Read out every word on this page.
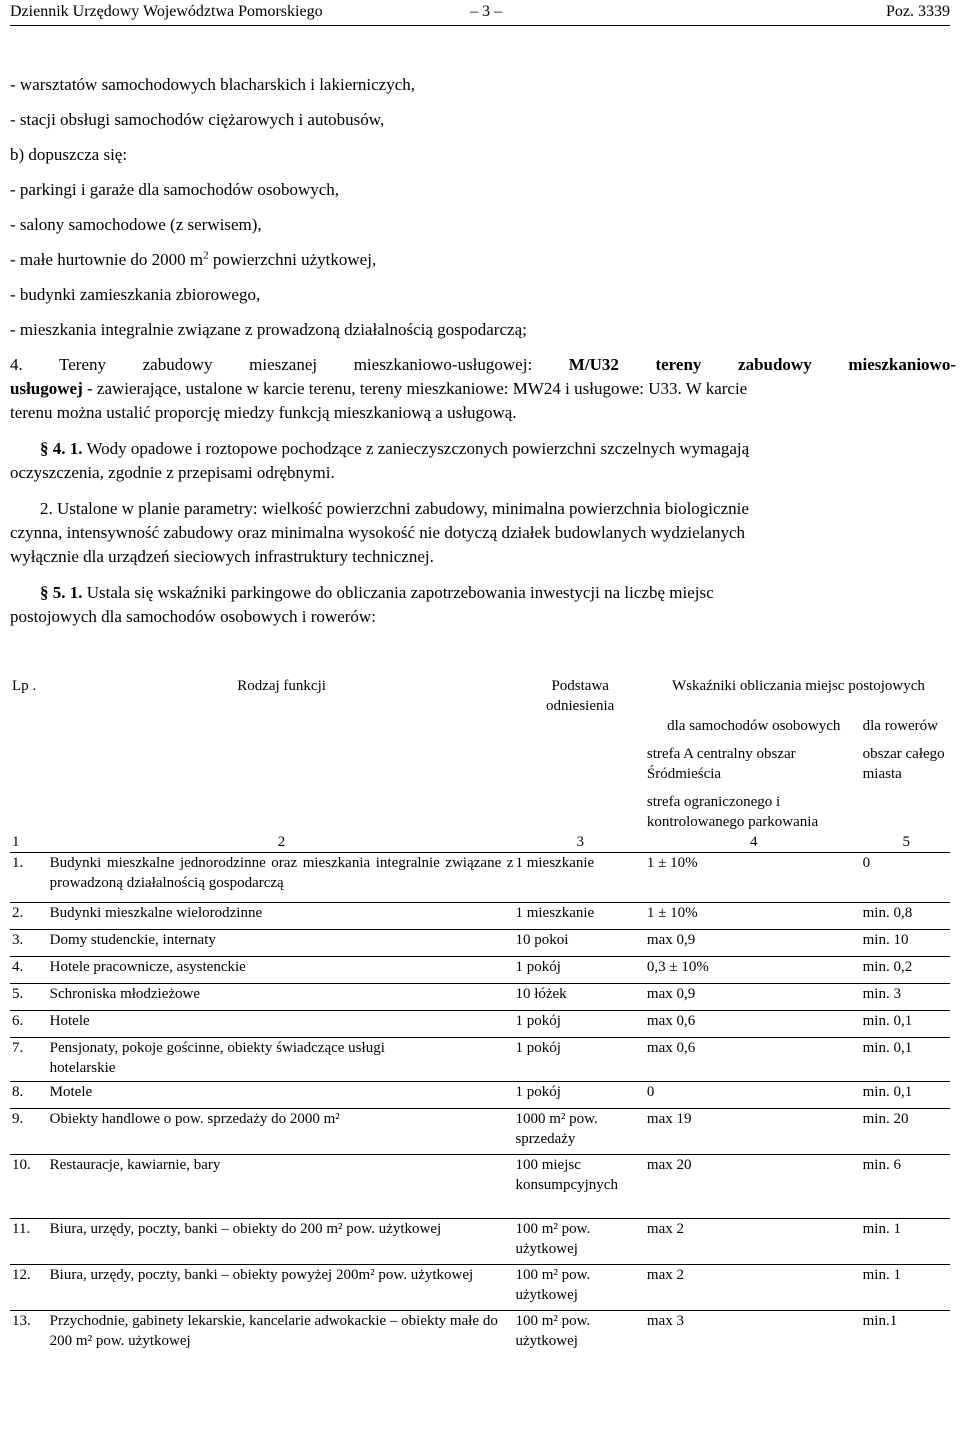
Dziennik Urzędowy Województwa Pomorskiego	– 3 –	Poz. 3339
- warsztatów samochodowych blacharskich i lakierniczych,
- stacji obsługi samochodów ciężarowych i autobusów,
b) dopuszcza się:
- parkingi i garaże dla samochodów osobowych,
- salony samochodowe (z serwisem),
- małe hurtownie do 2000 $m^2$ powierzchni użytkowej,
- budynki zamieszkania zbiorowego,
- mieszkania integralnie związane z prowadzoną działalnością gospodarczą;
4. Tereny zabudowy mieszanej mieszkaniowo-usługowej: M/U32 tereny zabudowy mieszkaniowo-
usługowej - zawierające, ustalone w karcie terenu, tereny mieszkaniowe: MW24 i usługowe: U33. W karcie
terenu można ustalić proporcję miedzy funkcją mieszkaniową a usługową.
§ 4. 1. Wody opadowe i roztopowe pochodzące z zanieczyszczonych powierzchni szczelnych wymagają
oczyszczenia, zgodnie z przepisami odrębnymi.
2. Ustalone w planie parametry: wielkość powierzchni zabudowy, minimalna powierzchnia biologicznie
czynna, intensywność zabudowy oraz minimalna wysokość nie dotyczą działek budowlanych wydzielanych
wyłącznie dla urządzeń sieciowych infrastruktury technicznej.
§ 5. 1. Ustala się wskaźniki parkingowe do obliczania zapotrzebowania inwestycji na liczbę miejsc
postojowych dla samochodów osobowych i rowerów:
Lp .	Rodzaj funkcji	Podstawa odniesienia	Wskaźniki obliczania miejsc postojowych	
			dla samochodów osobowych	dla rowerów
			strefa A centralny obszar Śródmieścia	obszar całego miasta
			strefa ograniczonego i kontrolowanego parkowania	
1	2	3	4	5
1.	Budynki mieszkalne jednorodzinne oraz mieszkania integralnie związane z prowadzoną działalnością gospodarczą	1 mieszkanie	1 ± 10%	0
2.	Budynki mieszkalne wielorodzinne	1 mieszkanie	1 ± 10%	min. 0,8
3.	Domy studenckie, internaty	10 pokoi	max 0,9	min. 10
4.	Hotele pracownicze, asystenckie	1 pokój	0,3 ± 10%	min. 0,2
5.	Schroniska młodzieżowe	10 łóżek	max 0,9	min. 3
6.	Hotele	1 pokój	max 0,6	min. 0,1
7.	Pensjonaty, pokoje gościnne, obiekty świadczące usługi hotelarskie	1 pokój	max 0,6	min. 0,1
8.	Motele	1 pokój	0	min. 0,1
9.	Obiekty handlowe o pow. sprzedaży do 2000 m²	1000 m² pow. sprzedaży	max 19	min. 20
10.	Restauracje, kawiarnie, bary	100 miejsc konsumpcyjnych	max 20	min. 6
11.	Biura, urzędy, poczty, banki – obiekty do 200 m² pow. użytkowej	100 m² pow. użytkowej	max 2	min. 1
12.	Biura, urzędy, poczty, banki – obiekty powyżej 200m² pow. użytkowej	100 m² pow. użytkowej	max 2	min. 1
13.	Przychodnie, gabinety lekarskie, kancelarie adwokackie – obiekty małe do 200 m² pow. użytkowej	100 m² pow. użytkowej	max 3	min.1
